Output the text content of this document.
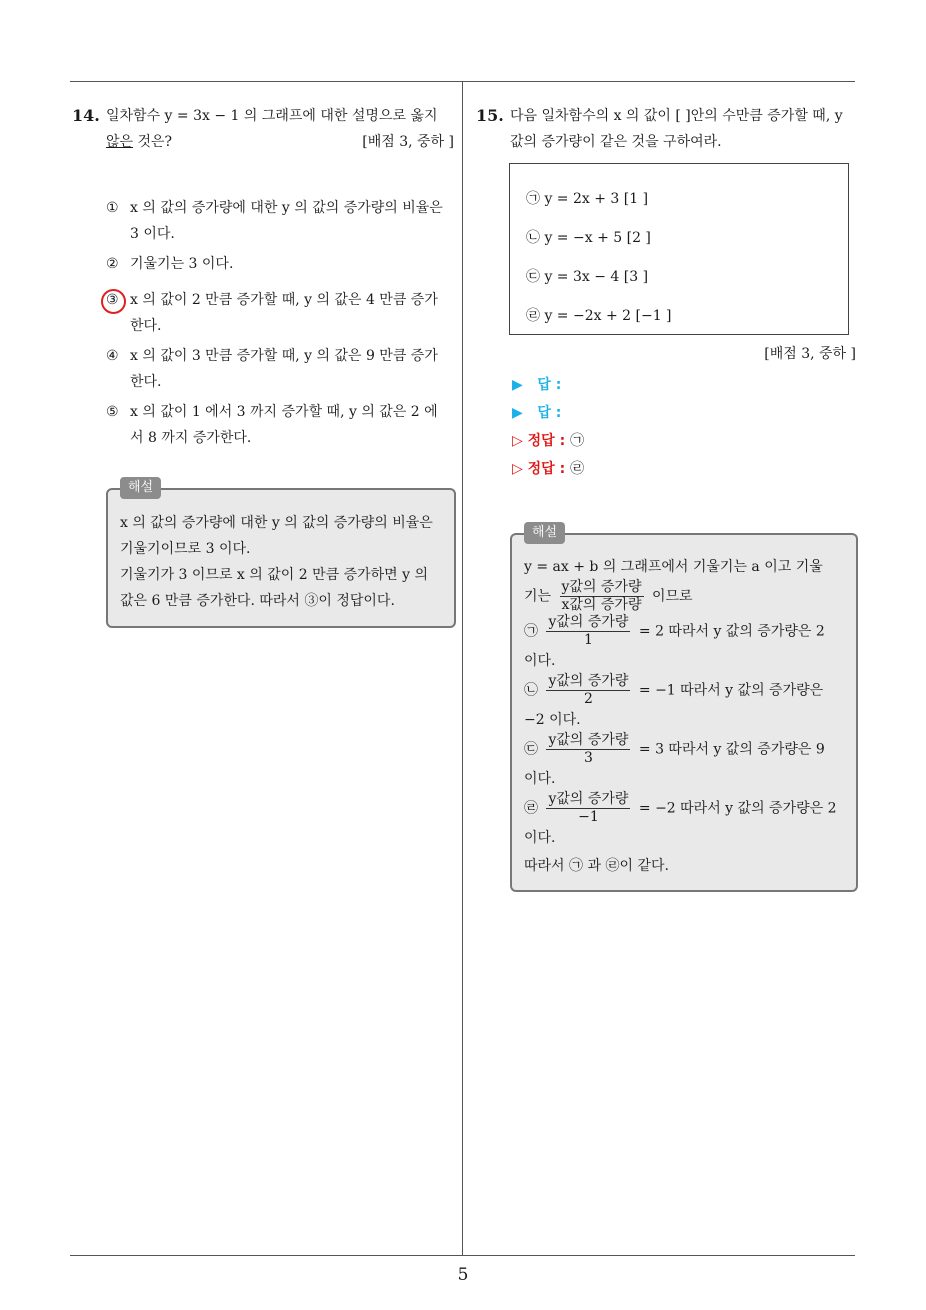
5
14. 일차함수 y = 3x − 1 의 그래프에 대한 설명으로 옳지
않은 것은?	[배점 3, 중하 ]
① x 의 값의 증가량에 대한 y 의 값의 증가량의 비율은 3 이다.
② 기울기는 3 이다.
③ x 의 값이 2 만큼 증가할 때, y 의 값은 4 만큼 증가한다.
④ x 의 값이 3 만큼 증가할 때, y 의 값은 9 만큼 증가한다.
⑤ x 의 값이 1 에서 3 까지 증가할 때, y 의 값은 2 에서 8 까지 증가한다.
해설
x 의 값의 증가량에 대한 y 의 값의 증가량의 비율은 기울기이므로 3 이다.
기울기가 3 이므로 x 의 값이 2 만큼 증가하면 y 의 값은 6 만큼 증가한다. 따라서 ③이 정답이다.
15. 다음 일차함수의 x 의 값이 [ ]안의 수만큼 증가할 때, y 값의 증가량이 같은 것을 구하여라.
㉠ y = 2x + 3 [1 ]
㉡ y = −x + 5 [2 ]
㉢ y = 3x − 4 [3 ]
㉣ y = −2x + 2 [−1 ]
[배점 3, 중하 ]
▶ 답 :
▶ 답 :
▷ 정답 : ㉠
▷ 정답 : ㉣
해설
y = ax + b 의 그래프에서 기울기는 a 이고 기울
기는 $\frac{\text{y값의 증가량}}{\text{x값의 증가량}}$ 이므로
㉠ $\frac{\text{y값의 증가량}}{1} = 2$ 따라서 y 값의 증가량은 2
이다.
㉡ $\frac{\text{y값의 증가량}}{2} = -1$ 따라서 y 값의 증가량은
−2 이다.
㉢ $\frac{\text{y값의 증가량}}{3} = 3$ 따라서 y 값의 증가량은 9
이다.
㉣ $\frac{\text{y값의 증가량}}{-1} = -2$ 따라서 y 값의 증가량은 2
이다.
따라서 ㉠ 과 ㉣이 같다.
